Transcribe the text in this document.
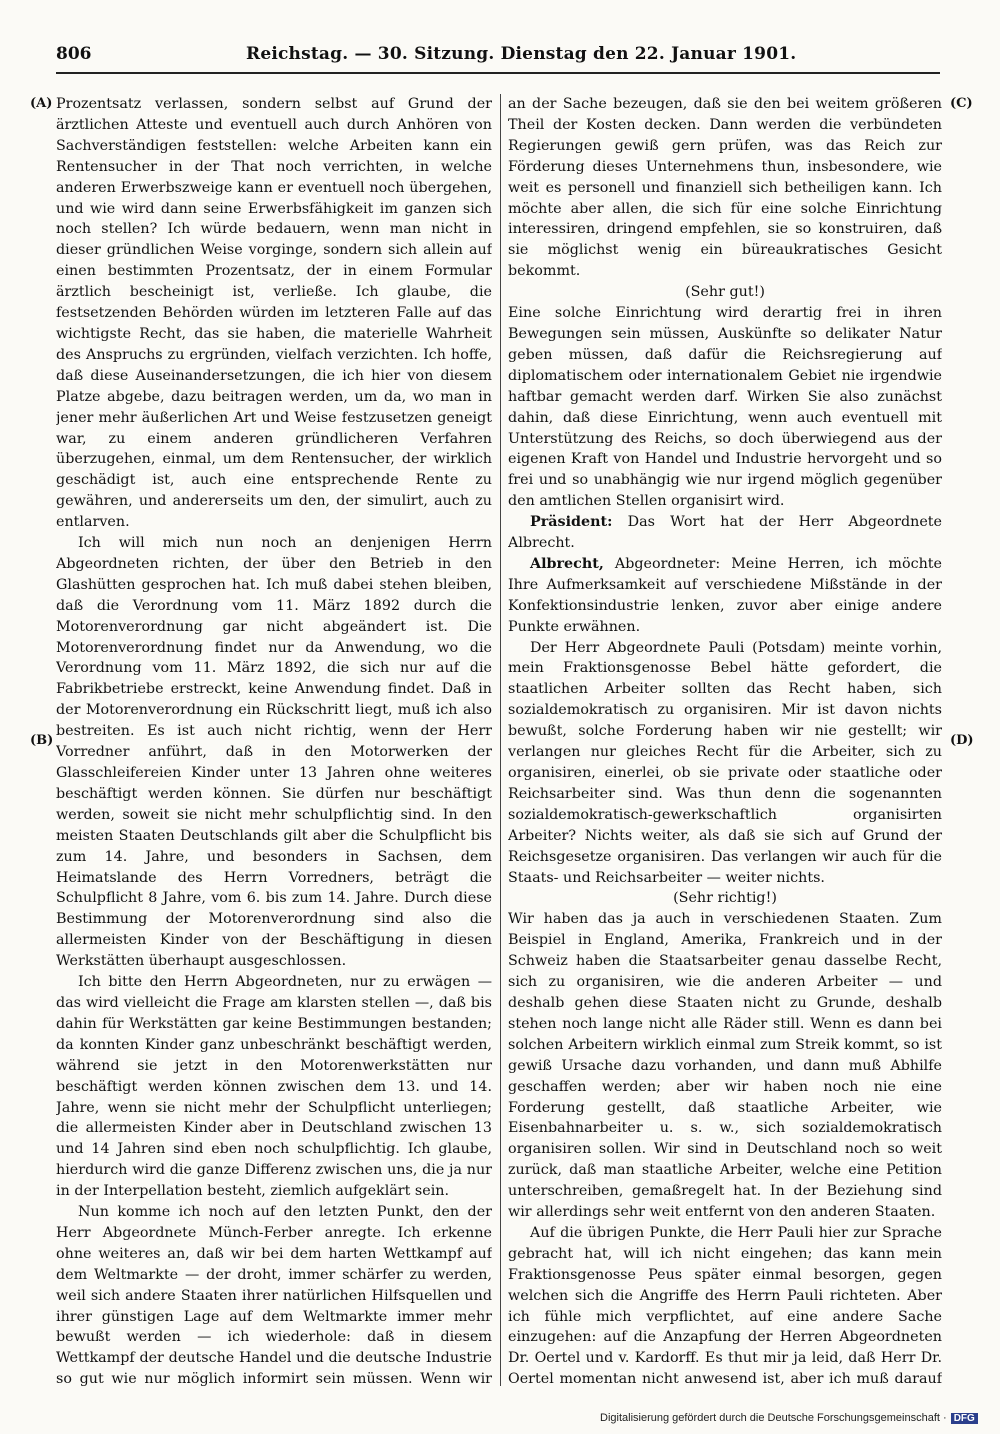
806	Reichstag. — 30. Sitzung. Dienstag den 22. Januar 1901.
(A)
(B)
(C)
(D)

Prozentsatz verlassen, sondern selbst auf Grund der ärztlichen Atteste und eventuell auch durch Anhören von Sachverständigen feststellen: welche Arbeiten kann ein Rentensucher in der That noch verrichten, in welche anderen Erwerbszweige kann er eventuell noch übergehen, und wie wird dann seine Erwerbsfähigkeit im ganzen sich noch stellen? Ich würde bedauern, wenn man nicht in dieser gründlichen Weise vorginge, sondern sich allein auf einen bestimmten Prozentsatz, der in einem Formular ärztlich bescheinigt ist, verließe. Ich glaube, die festsetzenden Behörden würden im letzteren Falle auf das wichtigste Recht, das sie haben, die materielle Wahrheit des Anspruchs zu ergründen, vielfach verzichten. Ich hoffe, daß diese Auseinandersetzungen, die ich hier von diesem Platze abgebe, dazu beitragen werden, um da, wo man in jener mehr äußerlichen Art und Weise festzusetzen geneigt war, zu einem anderen gründlicheren Verfahren überzugehen, einmal, um dem Rentensucher, der wirklich geschädigt ist, auch eine entsprechende Rente zu gewähren, und andererseits um den, der simulirt, auch zu entlarven.

Ich will mich nun noch an denjenigen Herrn Abgeordneten richten, der über den Betrieb in den Glashütten gesprochen hat. Ich muß dabei stehen bleiben, daß die Verordnung vom 11. März 1892 durch die Motorenverordnung gar nicht abgeändert ist. Die Motorenverordnung findet nur da Anwendung, wo die Verordnung vom 11. März 1892, die sich nur auf die Fabrikbetriebe erstreckt, keine Anwendung findet. Daß in der Motorenverordnung ein Rückschritt liegt, muß ich also bestreiten. Es ist auch nicht richtig, wenn der Herr Vorredner anführt, daß in den Motorwerken der Glasschleifereien Kinder unter 13 Jahren ohne weiteres beschäftigt werden können. Sie dürfen nur beschäftigt werden, soweit sie nicht mehr schulpflichtig sind. In den meisten Staaten Deutschlands gilt aber die Schulpflicht bis zum 14. Jahre, und besonders in Sachsen, dem Heimatslande des Herrn Vorredners, beträgt die Schulpflicht 8 Jahre, vom 6. bis zum 14. Jahre. Durch diese Bestimmung der Motorenverordnung sind also die allermeisten Kinder von der Beschäftigung in diesen Werkstätten überhaupt ausgeschlossen.

Ich bitte den Herrn Abgeordneten, nur zu erwägen — das wird vielleicht die Frage am klarsten stellen —, daß bis dahin für Werkstätten gar keine Bestimmungen bestanden; da konnten Kinder ganz unbeschränkt beschäftigt werden, während sie jetzt in den Motorenwerkstätten nur beschäftigt werden können zwischen dem 13. und 14. Jahre, wenn sie nicht mehr der Schulpflicht unterliegen; die allermeisten Kinder aber in Deutschland zwischen 13 und 14 Jahren sind eben noch schulpflichtig. Ich glaube, hierdurch wird die ganze Differenz zwischen uns, die ja nur in der Interpellation besteht, ziemlich aufgeklärt sein.

Nun komme ich noch auf den letzten Punkt, den der Herr Abgeordnete Münch-Ferber anregte. Ich erkenne ohne weiteres an, daß wir bei dem harten Wettkampf auf dem Weltmarkte — der droht, immer schärfer zu werden, weil sich andere Staaten ihrer natürlichen Hilfsquellen und ihrer günstigen Lage auf dem Weltmarkte immer mehr bewußt werden — ich wiederhole: daß in diesem Wettkampf der deutsche Handel und die deutsche Industrie so gut wie nur möglich informirt sein müssen. Wenn wir

an der Sache bezeugen, daß sie den bei weitem größeren Theil der Kosten decken. Dann werden die verbündeten Regierungen gewiß gern prüfen, was das Reich zur Förderung dieses Unternehmens thun, insbesondere, wie weit es personell und finanziell sich betheiligen kann. Ich möchte aber allen, die sich für eine solche Einrichtung interessiren, dringend empfehlen, sie so konstruiren, daß sie möglichst wenig ein büreaukratisches Gesicht bekommt.

(Sehr gut!)

Eine solche Einrichtung wird derartig frei in ihren Bewegungen sein müssen, Auskünfte so delikater Natur geben müssen, daß dafür die Reichsregierung auf diplomatischem oder internationalem Gebiet nie irgendwie haftbar gemacht werden darf. Wirken Sie also zunächst dahin, daß diese Einrichtung, wenn auch eventuell mit Unterstützung des Reichs, so doch überwiegend aus der eigenen Kraft von Handel und Industrie hervorgeht und so frei und so unabhängig wie nur irgend möglich gegenüber den amtlichen Stellen organisirt wird.

Präsident: Das Wort hat der Herr Abgeordnete Albrecht.

Albrecht, Abgeordneter: Meine Herren, ich möchte Ihre Aufmerksamkeit auf verschiedene Mißstände in der Konfektionsindustrie lenken, zuvor aber einige andere Punkte erwähnen.

Der Herr Abgeordnete Pauli (Potsdam) meinte vorhin, mein Fraktionsgenosse Bebel hätte gefordert, die staatlichen Arbeiter sollten das Recht haben, sich sozialdemokratisch zu organisiren. Mir ist davon nichts bewußt, solche Forderung haben wir nie gestellt; wir verlangen nur gleiches Recht für die Arbeiter, sich zu organisiren, einerlei, ob sie private oder staatliche oder Reichsarbeiter sind. Was thun denn die sogenannten sozialdemokratisch-gewerkschaftlich organisirten Arbeiter? Nichts weiter, als daß sie sich auf Grund der Reichsgesetze organisiren. Das verlangen wir auch für die Staats- und Reichsarbeiter — weiter nichts.

(Sehr richtig!)

Wir haben das ja auch in verschiedenen Staaten. Zum Beispiel in England, Amerika, Frankreich und in der Schweiz haben die Staatsarbeiter genau dasselbe Recht, sich zu organisiren, wie die anderen Arbeiter — und deshalb gehen diese Staaten nicht zu Grunde, deshalb stehen noch lange nicht alle Räder still. Wenn es dann bei solchen Arbeitern wirklich einmal zum Streik kommt, so ist gewiß Ursache dazu vorhanden, und dann muß Abhilfe geschaffen werden; aber wir haben noch nie eine Forderung gestellt, daß staatliche Arbeiter, wie Eisenbahnarbeiter u. s. w., sich sozialdemokratisch organisiren sollen. Wir sind in Deutschland noch so weit zurück, daß man staatliche Arbeiter, welche eine Petition unterschreiben, gemaßregelt hat. In der Beziehung sind wir allerdings sehr weit entfernt von den anderen Staaten.

Auf die übrigen Punkte, die Herr Pauli hier zur Sprache gebracht hat, will ich nicht eingehen; das kann mein Fraktionsgenosse Peus später einmal besorgen, gegen welchen sich die Angriffe des Herrn Pauli richteten. Aber ich fühle mich verpflichtet, auf eine andere Sache einzugehen: auf die Anzapfung der Herren Abgeordneten Dr. Oertel und v. Kardorff. Es thut mir ja leid, daß Herr Dr. Oertel momentan nicht anwesend ist, aber ich muß darauf

Digitalisierung gefördert durch die Deutsche Forschungsgemeinschaft · DFG
